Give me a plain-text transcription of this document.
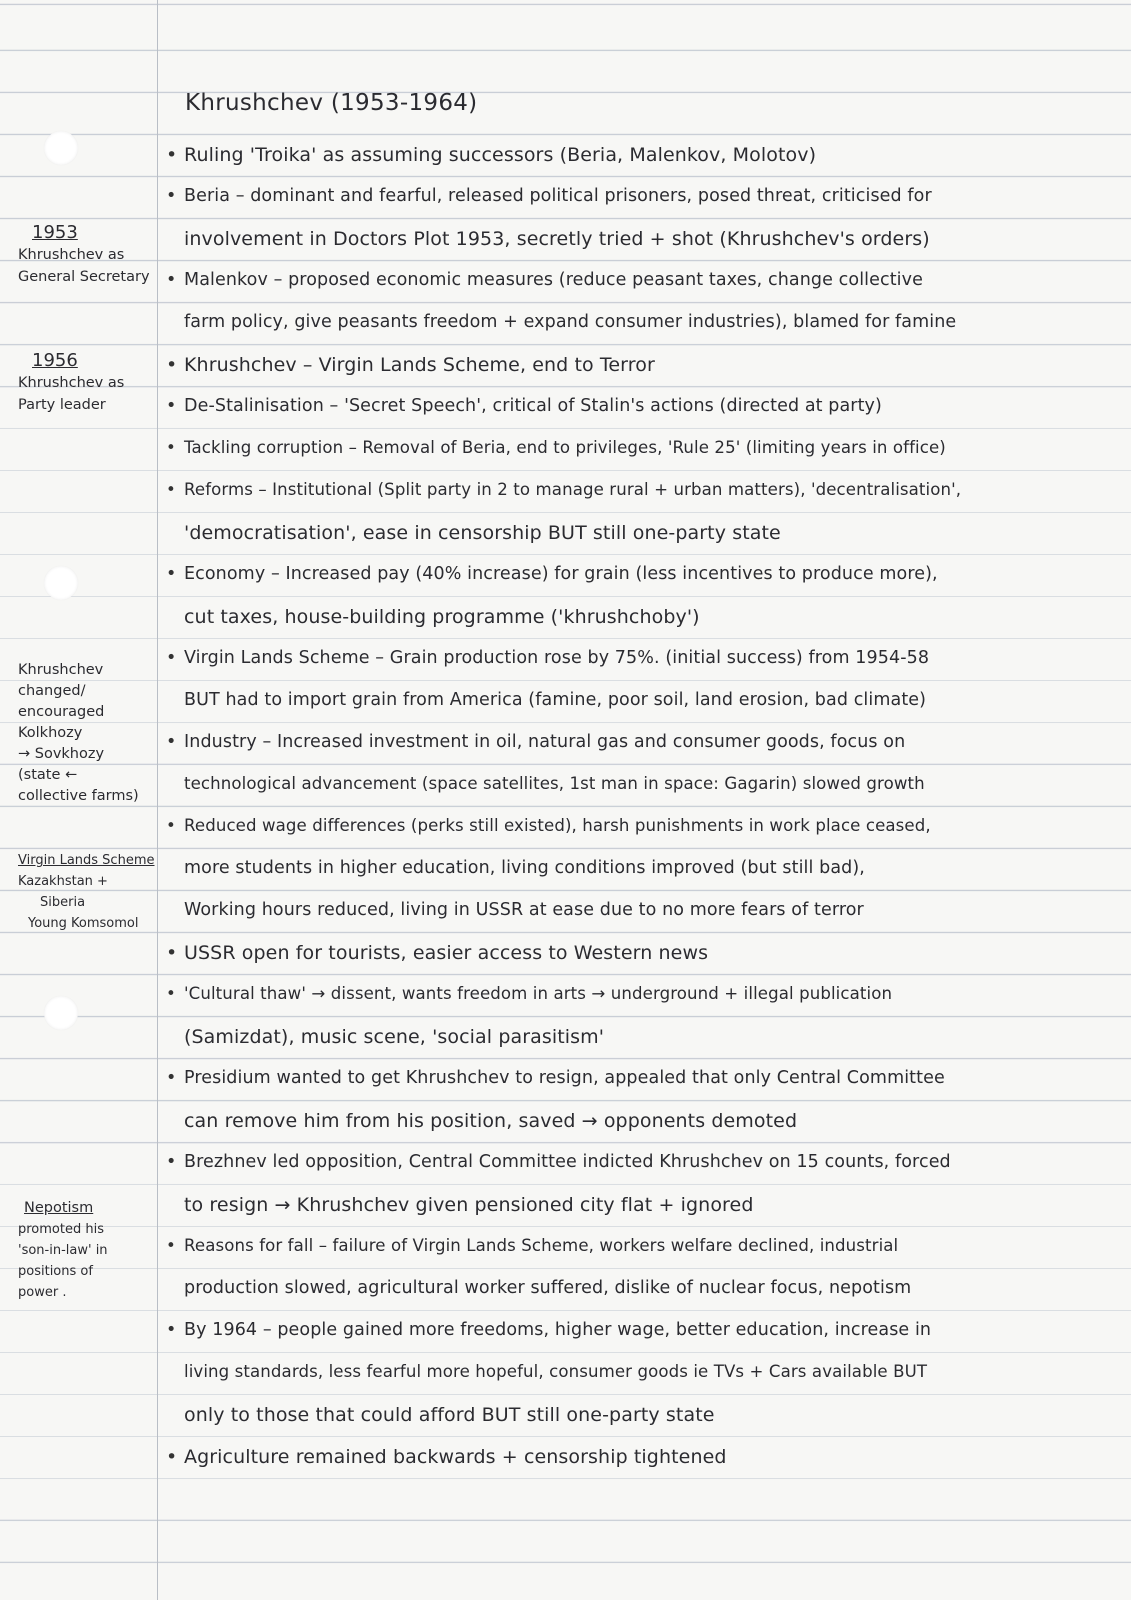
Khrushchev (1953-1964)
1953
Khrushchev as
General Secretary
1956
Khrushchev as
Party leader
Khrushchev
changed/
encouraged
Kolkhozy
→ Sovkhozy
(state ←
collective farms)
Virgin Lands Scheme
Kazakhstan +
Siberia
Young Komsomol
Nepotism
promoted his
'son-in-law' in
positions of
power .
• Ruling 'Troika' as assuming successors (Beria, Malenkov, Molotov)
• Beria – dominant and fearful, released political prisoners, posed threat, criticised for
involvement in Doctors Plot 1953, secretly tried + shot (Khrushchev's orders)
• Malenkov – proposed economic measures (reduce peasant taxes, change collective
farm policy, give peasants freedom + expand consumer industries), blamed for famine
• Khrushchev – Virgin Lands Scheme, end to Terror
• De-Stalinisation – 'Secret Speech', critical of Stalin's actions (directed at party)
• Tackling corruption – Removal of Beria, end to privileges, 'Rule 25' (limiting years in office)
• Reforms – Institutional (Split party in 2 to manage rural + urban matters), 'decentralisation',
'democratisation', ease in censorship BUT still one-party state
• Economy – Increased pay (40% increase) for grain (less incentives to produce more),
cut taxes, house-building programme ('khrushchoby')
• Virgin Lands Scheme – Grain production rose by 75%. (initial success) from 1954-58
BUT had to import grain from America (famine, poor soil, land erosion, bad climate)
• Industry – Increased investment in oil, natural gas and consumer goods, focus on
technological advancement (space satellites, 1st man in space: Gagarin) slowed growth
• Reduced wage differences (perks still existed), harsh punishments in work place ceased,
more students in higher education, living conditions improved (but still bad),
Working hours reduced, living in USSR at ease due to no more fears of terror
• USSR open for tourists, easier access to Western news
• 'Cultural thaw' → dissent, wants freedom in arts → underground + illegal publication
(Samizdat), music scene, 'social parasitism'
• Presidium wanted to get Khrushchev to resign, appealed that only Central Committee
can remove him from his position, saved → opponents demoted
• Brezhnev led opposition, Central Committee indicted Khrushchev on 15 counts, forced
to resign → Khrushchev given pensioned city flat + ignored
• Reasons for fall – failure of Virgin Lands Scheme, workers welfare declined, industrial
production slowed, agricultural worker suffered, dislike of nuclear focus, nepotism
• By 1964 – people gained more freedoms, higher wage, better education, increase in
living standards, less fearful more hopeful, consumer goods ie TVs + Cars available BUT
only to those that could afford BUT still one-party state
• Agriculture remained backwards + censorship tightened
